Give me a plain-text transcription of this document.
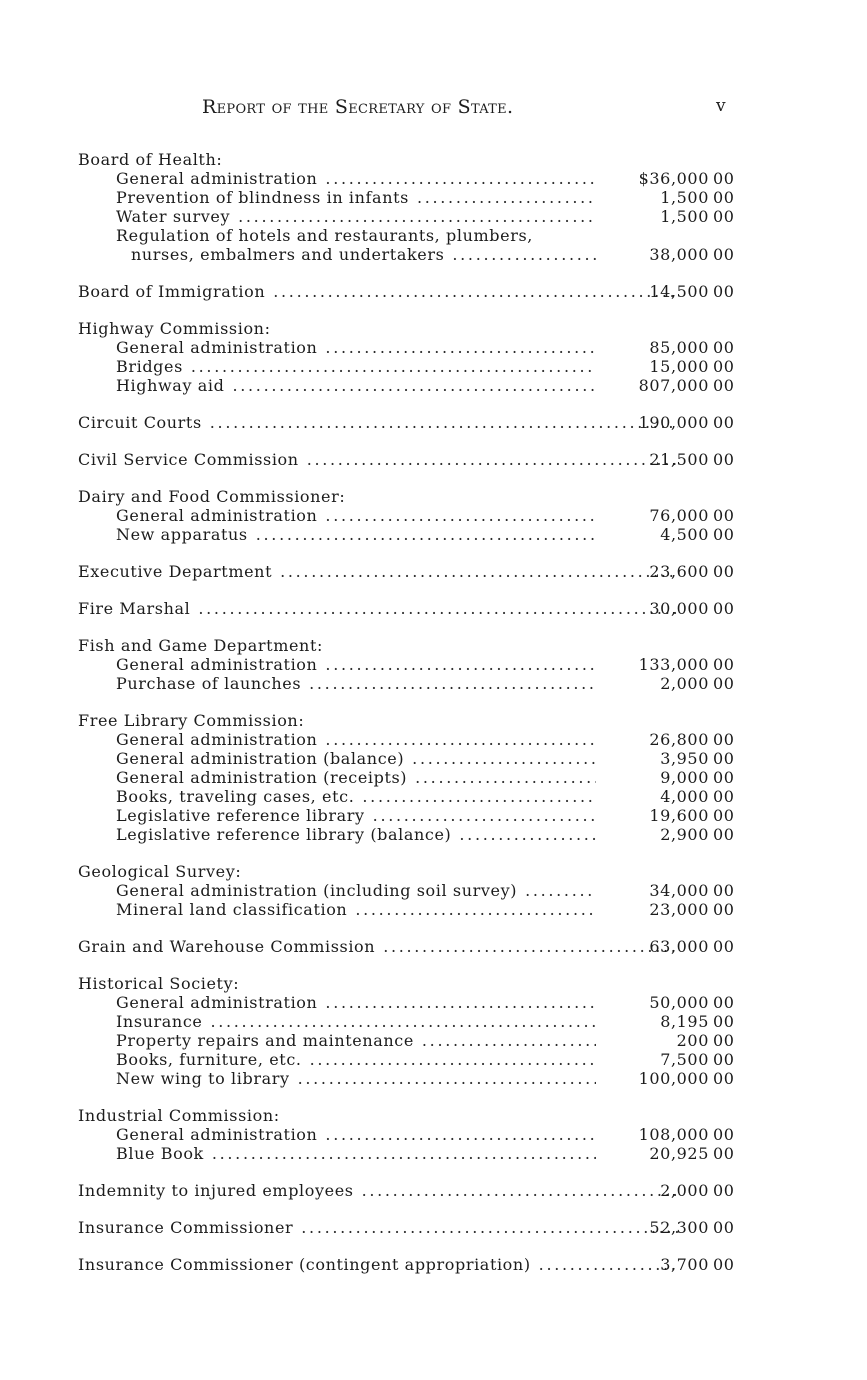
Report of the Secretary of State.	v
Board of Health:
General administration . . .	$36,000 00
Prevention of blindness in infants . . .	1,500 00
Water survey . . .	1,500 00
Regulation of hotels and restaurants, plumbers,
nurses, embalmers and undertakers . . .	38,000 00
Board of Immigration . . .	14,500 00
Highway Commission:
General administration . . .	85,000 00
Bridges . . .	15,000 00
Highway aid . . .	807,000 00
Circuit Courts . . .	190,000 00
Civil Service Commission . . .	21,500 00
Dairy and Food Commissioner:
General administration . . .	76,000 00
New apparatus . . .	4,500 00
Executive Department . . .	23,600 00
Fire Marshal . . .	30,000 00
Fish and Game Department:
General administration . . .	133,000 00
Purchase of launches . . .	2,000 00
Free Library Commission:
General administration . . .	26,800 00
General administration (balance) . . .	3,950 00
General administration (receipts) . . .	9,000 00
Books, traveling cases, etc. . . .	4,000 00
Legislative reference library . . .	19,600 00
Legislative reference library (balance) . . .	2,900 00
Geological Survey:
General administration (including soil survey) . . .	34,000 00
Mineral land classification . . .	23,000 00
Grain and Warehouse Commission . . .	63,000 00
Historical Society:
General administration . . .	50,000 00
Insurance . . .	8,195 00
Property repairs and maintenance . . .	200 00
Books, furniture, etc. . . .	7,500 00
New wing to library . . .	100,000 00
Industrial Commission:
General administration . . .	108,000 00
Blue Book . . .	20,925 00
Indemnity to injured employees . . .	2,000 00
Insurance Commissioner . . .	52,300 00
Insurance Commissioner (contingent appropriation) . . .	3,700 00
